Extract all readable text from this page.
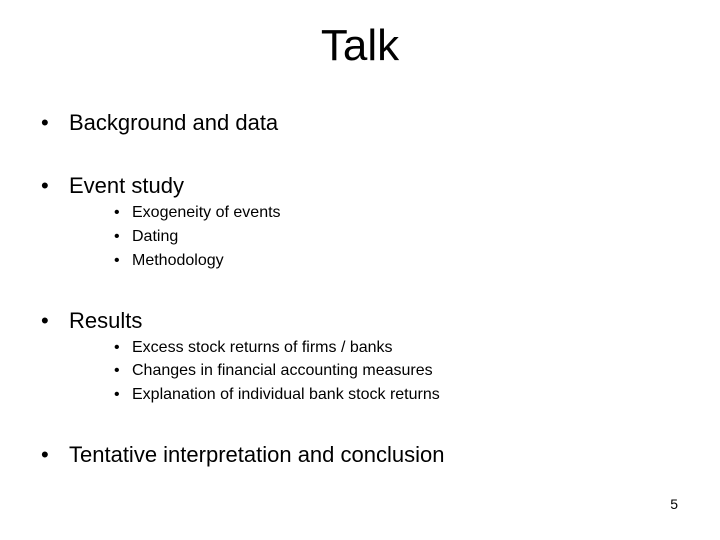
Talk
• Background and data
• Event study
• Exogeneity of events
• Dating
• Methodology
• Results
• Excess stock returns of firms / banks
• Changes in financial accounting measures
• Explanation of individual bank stock returns
• Tentative interpretation and conclusion
5
